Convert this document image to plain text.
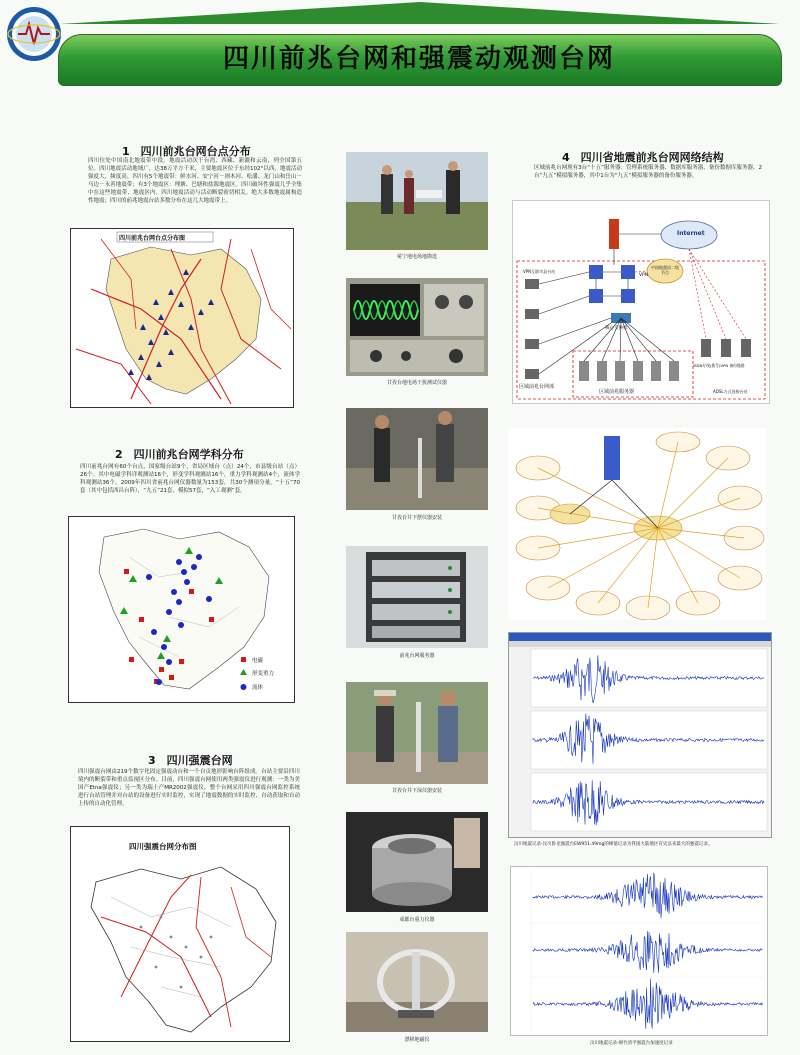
四川前兆台网和强震动观测台网
1　四川前兆台网台点分布
四川位处中国南北地震带中段。地震活动次于台湾、西藏、新疆和云南，列全国第五位。四川地震活动地域广，达38万平方千米，主要地震区位于东经102°以西，地震活动强度大、频度高。四川有5个地震带：鲜水河、安宁河－则木河、松潘、龙门山和岳山－马边－永善地震带；有3个地震区：理塘、巴塘和盐源地震区。四川破坏性强震几乎全集中在这些地震带、地震区内。四川地震活动与活动断裂密切相关。绝大多数地震属构造性地震；四川的前兆地震台站多数分布在这几大地震带上。
四川前兆台网台点分布图
2　四川前兆台网学科分布
四川前兆台网有60个台点，国家级台站9个，省局区域台（点）24个，市县级台站（点）26个。其中电磁学科详观测站16个，形变学科观测站16个，重力学科观测站4个，流体学科观测站36个。2009年四川省前兆台网仪器数量为153套，共30个测项分量。“十五”70套（其中包括西昌台阵），“九五”21套，模拟57套，“入工观测”套。
电磁
形变重力
流体
3　四川强震台网
四川强震台网由219个数字化固定强震动台和一个自贡地形影响台阵组成。台站主要沿四川境内的断裂带和重点监视区分布。目前，四川强震台网使用两类强震仪进行观测：一类为美国产Etna强震仪；另一类为瑞士产MR2002强震仪。整个台网采用四川强震台网监控系统进行台站管理并对台站的设备进行实时监控，实现了地震数据的实时监控、自动获取和自动上传的自动化管理。
四川强震台网分布图
冕宁地电场地勘选
甘孜台地电场干扰测试仪器
甘孜台井下摆仪器安装
前兆台网服务器
甘孜台井下深仪器安装
成都台重力仪器
漂移地磁仪
4　四川省地震前兆台网网络结构
区域前兆台网现有3台“十五”服务器：管理系统服务器、数据库服务器、备份数据库服务器。2台“九五”模拟服务器，其中1台为“九五”模拟服务器的备份服务器。
Internet
中国地震局二级节点
VPN
核心交换机
区域前兆台网部
区域前兆服务器
ISDN专线(拨号)VPN 备份链路
ADSL方式连接台站
VPN互联市县台站
汶川地震记录-汶川卧龙强震台EW951.49mg的峰值记录为我国大陆地区有史以来最大的强震记录。
汶川地震记录-绵竹清平强震台加速度记录
